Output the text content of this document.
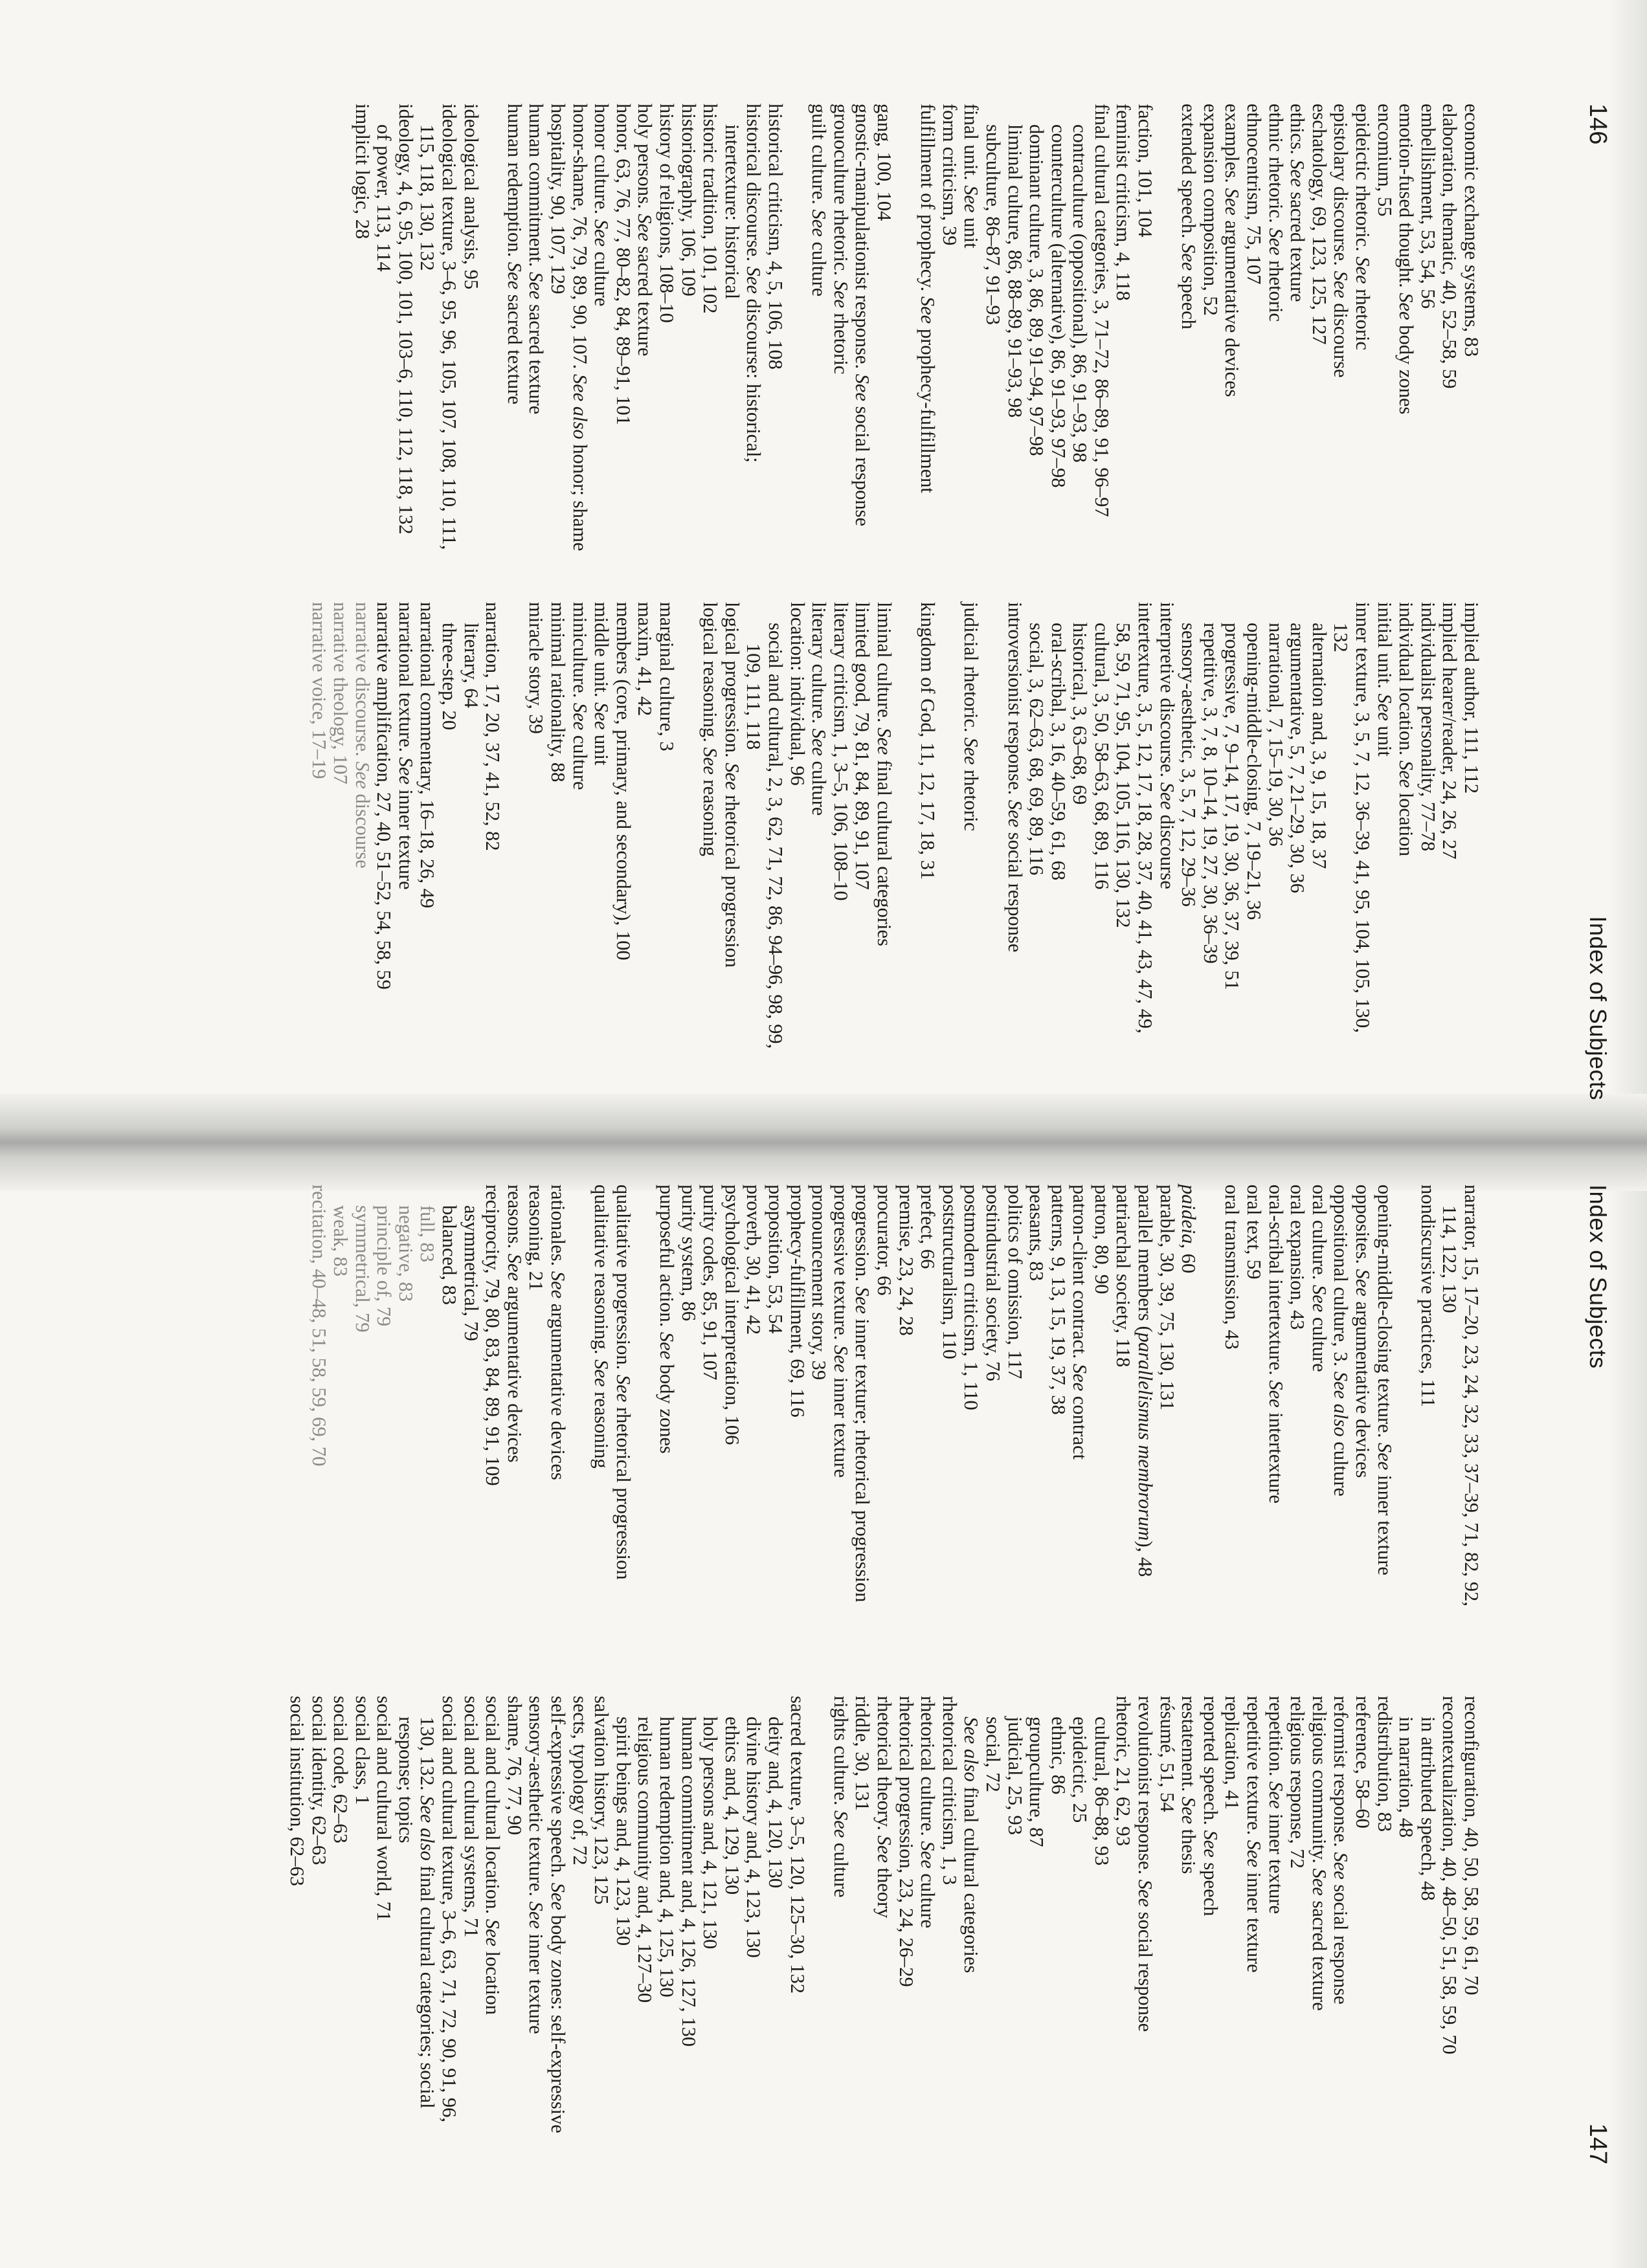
146
Index of Subjects
economic exchange systems, 83
elaboration, thematic, 40, 52–58, 59
embellishment, 53, 54, 56
emotion-fused thought. See body zones
encomium, 55
epideictic rhetoric. See rhetoric
epistolary discourse. See discourse
eschatology, 69, 123, 125, 127
ethics. See sacred texture
ethnic rhetoric. See rhetoric
ethnocentrism, 75, 107
examples. See argumentative devices
expansion composition, 52
extended speech. See speech
faction, 101, 104
feminist criticism, 4, 118
final cultural categories, 3, 71–72, 86–89, 91, 96–97
contraculture (oppositional), 86, 91–93, 98
counterculture (alternative), 86, 91–93, 97–98
dominant culture, 3, 86, 89, 91–94, 97–98
liminal culture, 86, 88–89, 91–93, 98
subculture, 86–87, 91–93
final unit. See unit
form criticism, 39
fulfillment of prophecy. See prophecy-fulfillment
gang, 100, 104
gnostic-manipulationist response. See social response
grouoculture rhetoric. See rhetoric
guilt culture. See culture
historical criticism, 4, 5, 106, 108
historical discourse. See discourse: historical; intertexture: historical
historic tradition, 101, 102
historiography, 106, 109
history of religions, 108–10
holy persons. See sacred texture
honor, 63, 76, 77, 80–82, 84, 89–91, 101
honor culture. See culture
honor-shame, 76, 79, 89, 90, 107. See also honor; shame
hospitality, 90, 107, 129
human commitment. See sacred texture
human redemption. See sacred texture
ideological analysis, 95
ideological texture, 3–6, 95, 96, 105, 107, 108, 110, 111, 115, 118, 130, 132
ideology, 4, 6, 95, 100, 101, 103–6, 110, 112, 118, 132
of power, 113, 114
implicit logic, 28
implied author, 111, 112
implied hearer/reader, 24, 26, 27
individualist personality, 77–78
individual location. See location
initial unit. See unit
inner texture, 3, 5, 7, 12, 36–39, 41, 95, 104, 105, 130, 132
alternation and, 3, 9, 15, 18, 37
argumentative, 5, 7, 21–29, 30, 36
narrational, 7, 15–19, 30, 36
opening-middle-closing, 7, 19–21, 36
progressive, 7, 9–14, 17, 19, 30, 36, 37, 39, 51
repetitive, 3, 7, 8, 10–14, 19, 27, 30, 36–39
sensory-aesthetic, 3, 5, 7, 12, 29–36
interpretive discourse. See discourse
intertexture, 3, 5, 12, 17, 18, 28, 37, 40, 41, 43, 47, 49, 58, 59, 71, 95, 104, 105, 116, 130, 132
cultural, 3, 50, 58–63, 68, 89, 116
historical, 3, 63–68, 69
oral-scribal, 3, 16, 40–59, 61, 68
social, 3, 62–63, 68, 69, 89, 116
introversionist response. See social response
judicial rhetoric. See rhetoric
kingdom of God, 11, 12, 17, 18, 31
liminal culture. See final cultural categories
limited good, 79, 81, 84, 89, 91, 107
literary criticism, 1, 3–5, 106, 108–10
literary culture. See culture
location: individual, 96
social and cultural, 2, 3, 62, 71, 72, 86, 94–96, 98, 99, 109, 111, 118
logical progression. See rhetorical progression
logical reasoning. See reasoning
marginal culture, 3
maxim, 41, 42
members (core, primary, and secondary), 100
middle unit. See unit
miniculture. See culture
minimal rationality, 88
miracle story, 39
narration, 17, 20, 37, 41, 52, 82
literary, 64
three-step, 20
narrational commentary, 16–18, 26, 49
narrational texture. See inner texture
narrative amplification, 27, 40, 51–52, 54, 58, 59
narrative discourse. See discourse
narrative theology, 107
narrative voice, 17–19
Index of Subjects
147
narrator, 15, 17–20, 23, 24, 32, 33, 37–39, 71, 82, 92, 114, 122, 130
nondiscursive practices, 111
opening-middle-closing texture. See inner texture
opposites. See argumentative devices
oppositional culture, 3. See also culture
oral culture. See culture
oral expansion, 43
oral-scribal intertexture. See intertexture
oral text, 59
oral transmission, 43
paideia, 60
parable, 30, 39, 75, 130, 131
parallel members (parallelismus membrorum), 48
patriarchal society, 118
patron, 80, 90
patron-client contract. See contract
patterns, 9, 13, 15, 19, 37, 38
peasants, 83
politics of omission, 117
postindustrial society, 76
postmodern criticism, 1, 110
poststructuralism, 110
prefect, 66
premise, 23, 24, 28
procurator, 66
progression. See inner texture; rhetorical progression
progressive texture. See inner texture
pronouncement story, 39
prophecy-fulfillment, 69, 116
proposition, 53, 54
proverb, 30, 41, 42
psychological interpretation, 106
purity codes, 85, 91, 107
purity system, 86
purposeful action. See body zones
qualitative progression. See rhetorical progression
qualitative reasoning. See reasoning
rationales. See argumentative devices
reasoning, 21
reasons. See argumentative devices
reciprocity, 79, 80, 83, 84, 89, 91, 109
asymmetrical, 79
balanced, 83
full, 83
negative, 83
principle of, 79
symmetrical, 79
weak, 83
recitation, 40–48, 51, 58, 59, 69, 70
reconfiguration, 40, 50, 58, 59, 61, 70
recontextualization, 40, 48–50, 51, 58, 59, 70
in attributed speech, 48
in narration, 48
redistribution, 83
reference, 58–60
reformist response. See social response
religious community. See sacred texture
religious response, 72
repetition. See inner texture
repetitive texture. See inner texture
replication, 41
reported speech. See speech
restatement. See thesis
résumé, 51, 54
revolutionist response. See social response
rhetoric, 21, 62, 93
cultural, 86–88, 93
epideictic, 25
ethnic, 86
groupculture, 87
judicial, 25, 93
social, 72
See also final cultural categories
rhetorical criticism, 1, 3
rhetorical culture. See culture
rhetorical progression, 23, 24, 26–29
rhetorical theory. See theory
riddle, 30, 131
rights culture. See culture
sacred texture, 3–5, 120, 125–30, 132
deity and, 4, 120, 130
divine history and, 4, 123, 130
ethics and, 4, 129, 130
holy persons and, 4, 121, 130
human commitment and, 4, 126, 127, 130
human redemption and, 4, 125, 130
religious community and, 4, 127–30
spirit beings and, 4, 123, 130
salvation history, 123, 125
sects, typology of, 72
self-expressive speech. See body zones: self-expressive
sensory-aesthetic texture. See inner texture
shame, 76, 77, 90
social and cultural location. See location
social and cultural systems, 71
social and cultural texture, 3–6, 63, 71, 72, 90, 91, 96, 130, 132. See also final cultural categories; social response; topics
social and cultural world, 71
social class, 1
social code, 62–63
social identity, 62–63
social institution, 62–63
